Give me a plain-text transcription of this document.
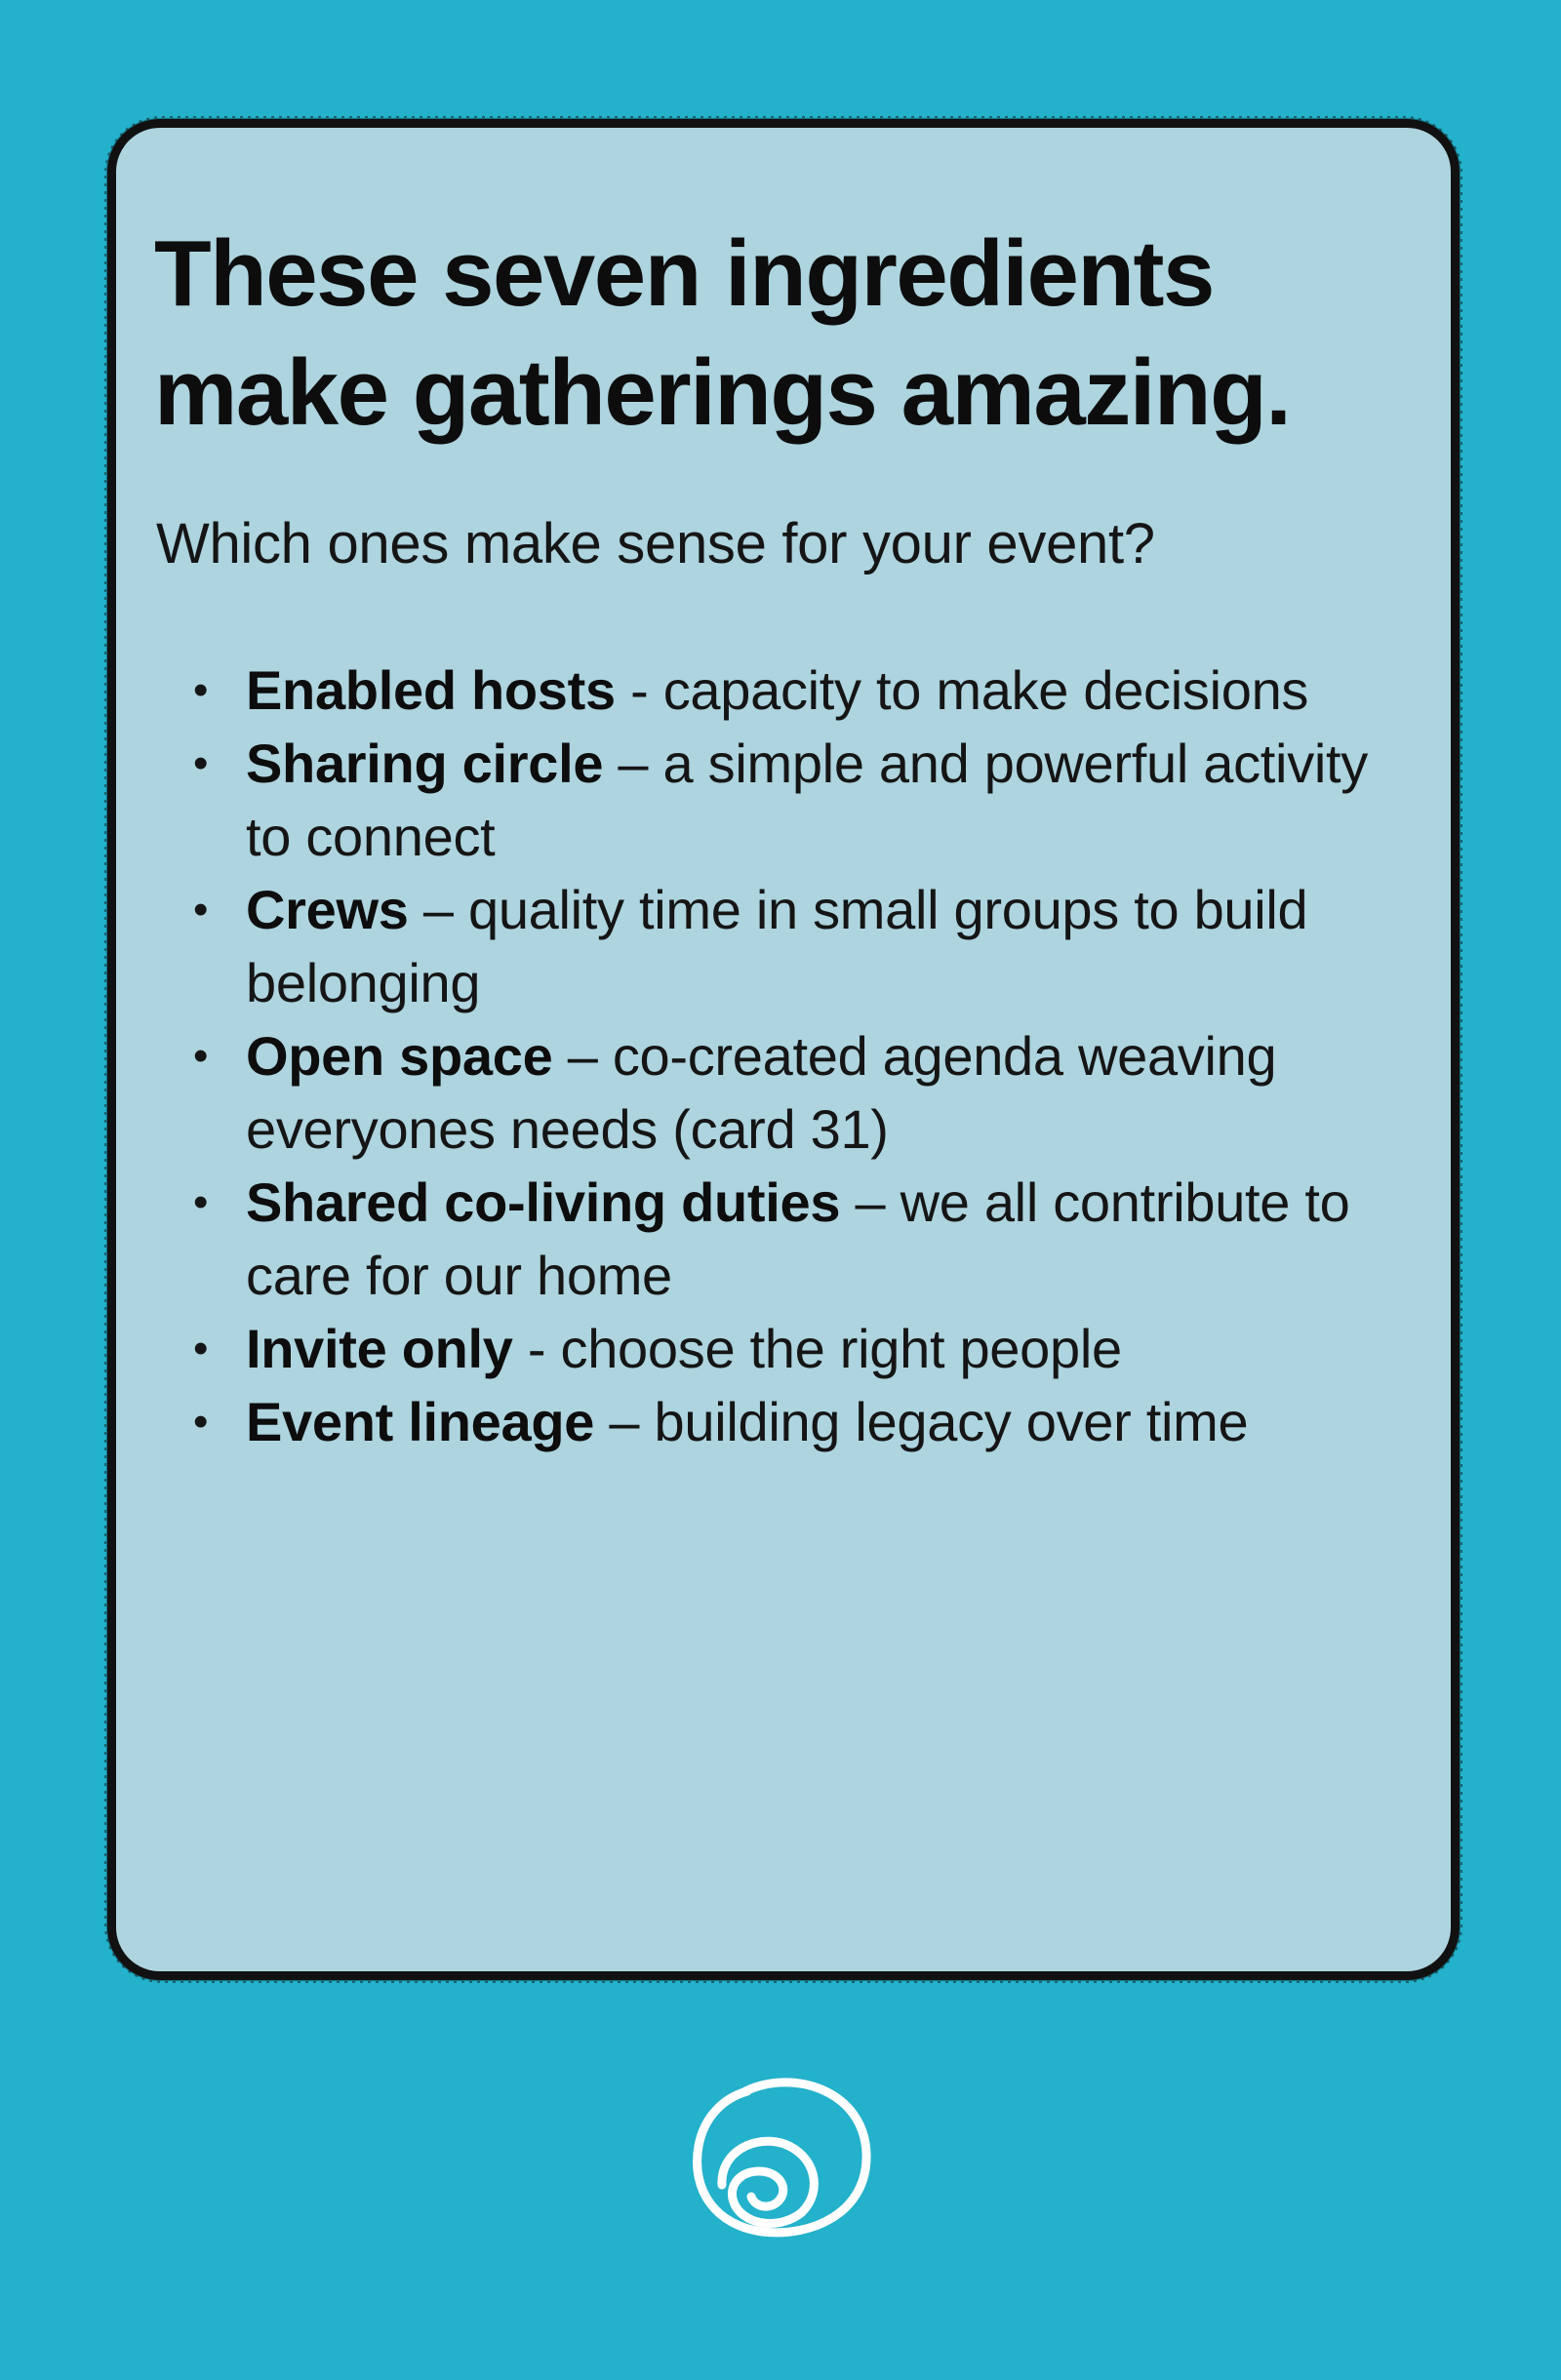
These seven ingredients make gatherings amazing.

Which ones make sense for your event?

• Enabled hosts - capacity to make decisions
• Sharing circle – a simple and powerful activity to connect
• Crews – quality time in small groups to build belonging
• Open space – co-created agenda weaving everyones needs (card 31)
• Shared co-living duties – we all contribute to care for our home
• Invite only - choose the right people
• Event lineage – building legacy over time
